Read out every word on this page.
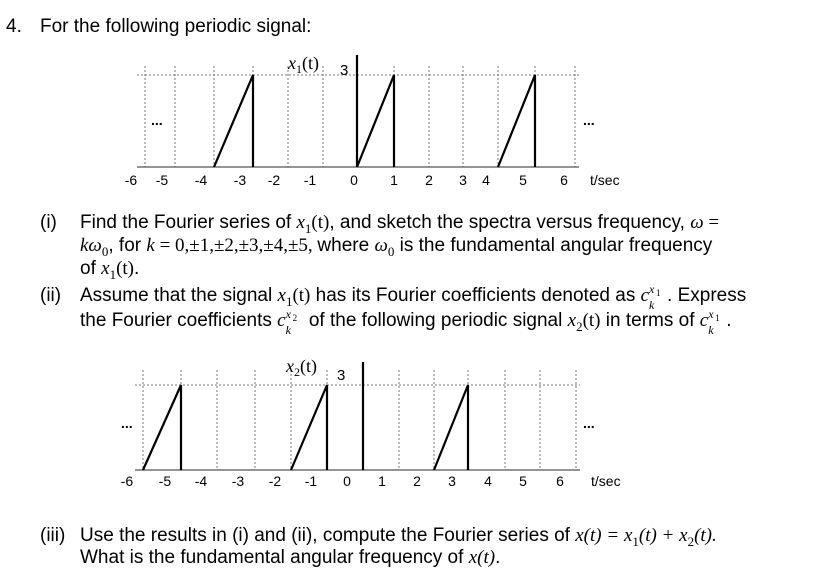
4. For the following periodic signal:
-6 -5 -4 -3 -2 -1 0 1 2 3 4 5 6 t/sec
...	...
$x_1(t)$ 3
-6 -5 -4 -3 -2 -1 0 1 2 3 4 5 6 t/sec
...	...
$x_2(t)$ 3
(i) Find the Fourier series of $x_1(t)$, and sketch the spectra versus frequency, ω =
$k\omega_0$, for k = 0,±1,±2,±3,±4,±5, where $\omega_0$ is the fundamental angular frequency
of $x_1(t)$.
(ii) Assume that the signal $x_1(t)$ has its Fourier coefficients denoted as c x 1
k . Express
the Fourier coefficients c x 2
k of the following periodic signal $x_2(t)$ in terms of c x 1
k .
(iii) Use the results in (i) and (ii), compute the Fourier series of $x(t) = x_1(t) + x_2(t)$.
What is the fundamental angular frequency of x(t).
